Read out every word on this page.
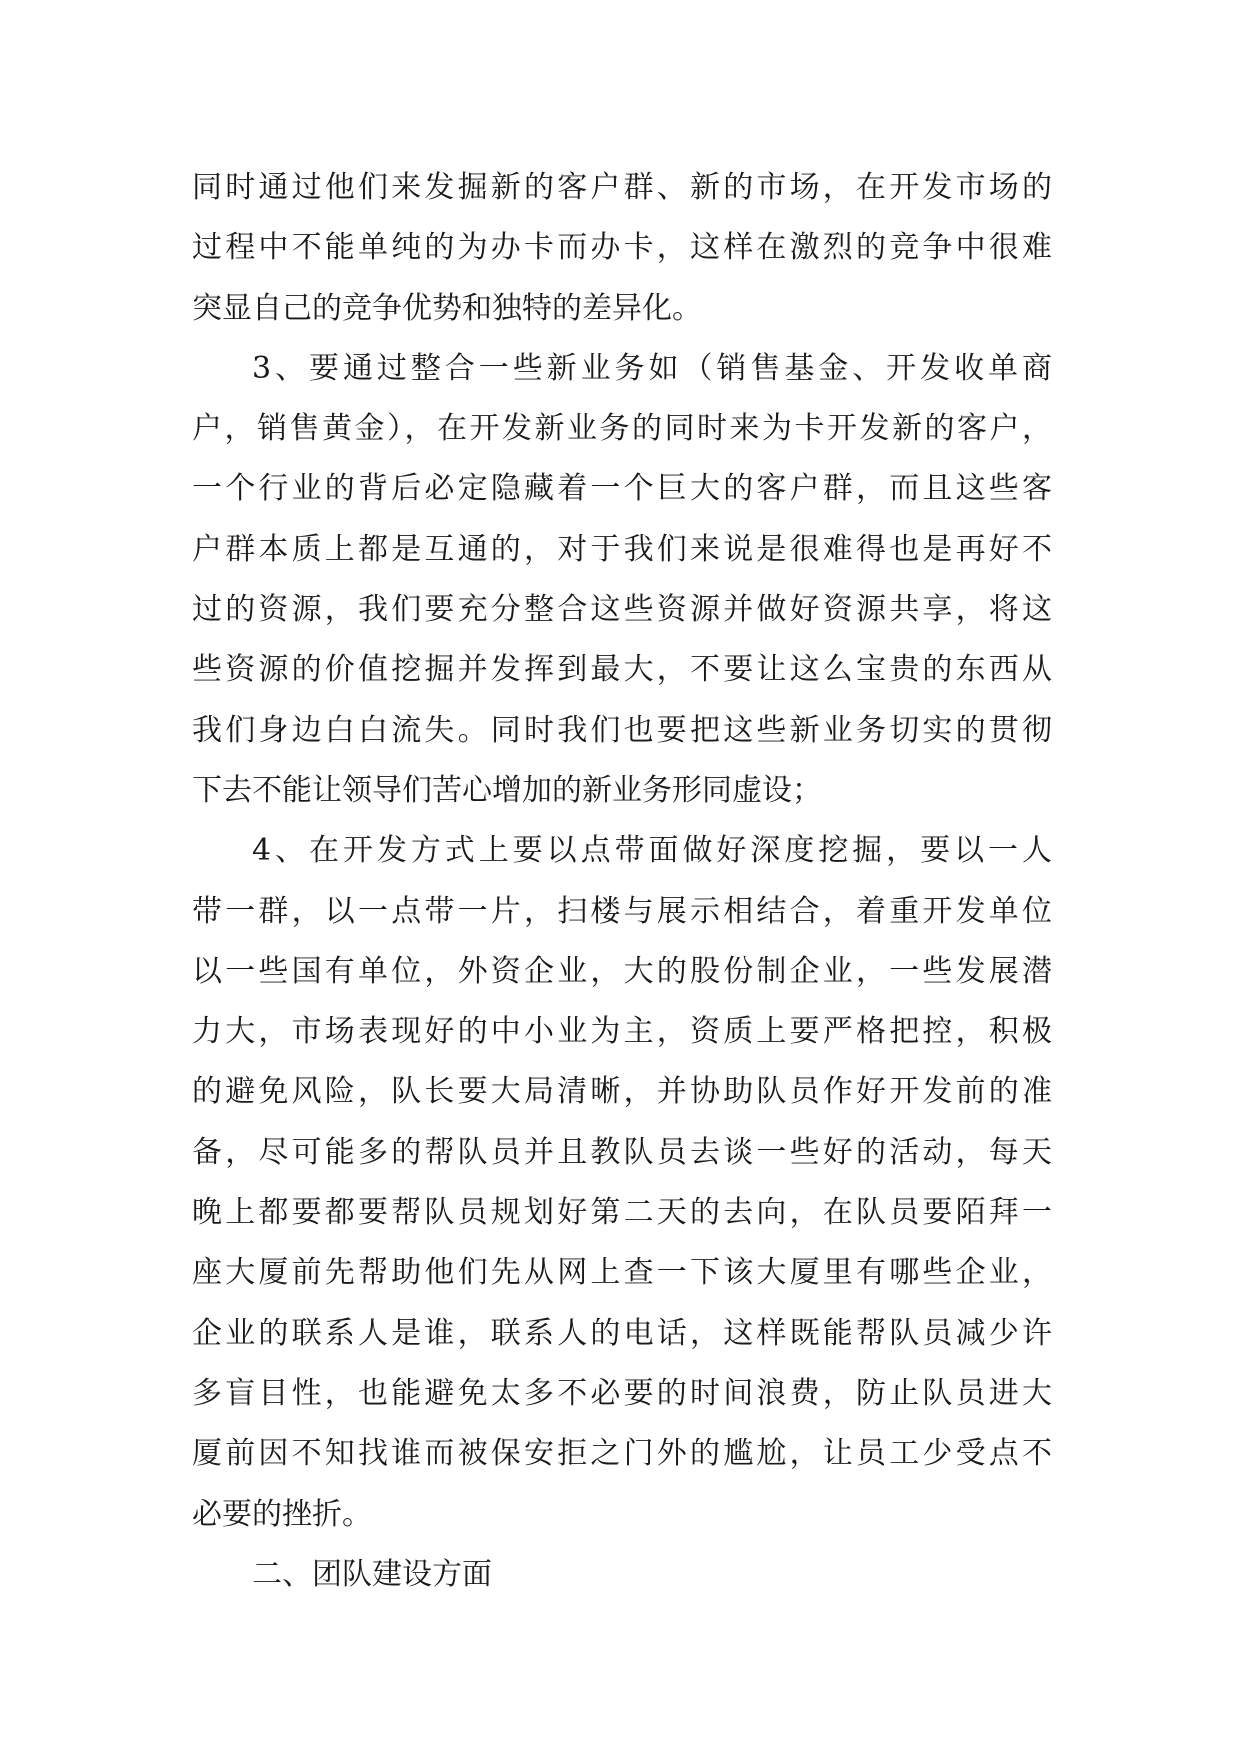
同时通过他们来发掘新的客户群、新的市场，在开发市场的
过程中不能单纯的为办卡而办卡，这样在激烈的竞争中很难
突显自己的竞争优势和独特的差异化。
3、要通过整合一些新业务如（销售基金、开发收单商
户，销售黄金），在开发新业务的同时来为卡开发新的客户，
一个行业的背后必定隐藏着一个巨大的客户群，而且这些客
户群本质上都是互通的，对于我们来说是很难得也是再好不
过的资源，我们要充分整合这些资源并做好资源共享，将这
些资源的价值挖掘并发挥到最大，不要让这么宝贵的东西从
我们身边白白流失。同时我们也要把这些新业务切实的贯彻
下去不能让领导们苦心增加的新业务形同虚设；
4、在开发方式上要以点带面做好深度挖掘，要以一人
带一群，以一点带一片，扫楼与展示相结合，着重开发单位
以一些国有单位，外资企业，大的股份制企业，一些发展潜
力大，市场表现好的中小业为主，资质上要严格把控，积极
的避免风险，队长要大局清晰，并协助队员作好开发前的准
备，尽可能多的帮队员并且教队员去谈一些好的活动，每天
晚上都要都要帮队员规划好第二天的去向，在队员要陌拜一
座大厦前先帮助他们先从网上查一下该大厦里有哪些企业，
企业的联系人是谁，联系人的电话，这样既能帮队员减少许
多盲目性，也能避免太多不必要的时间浪费，防止队员进大
厦前因不知找谁而被保安拒之门外的尴尬，让员工少受点不
必要的挫折。
二、团队建设方面
